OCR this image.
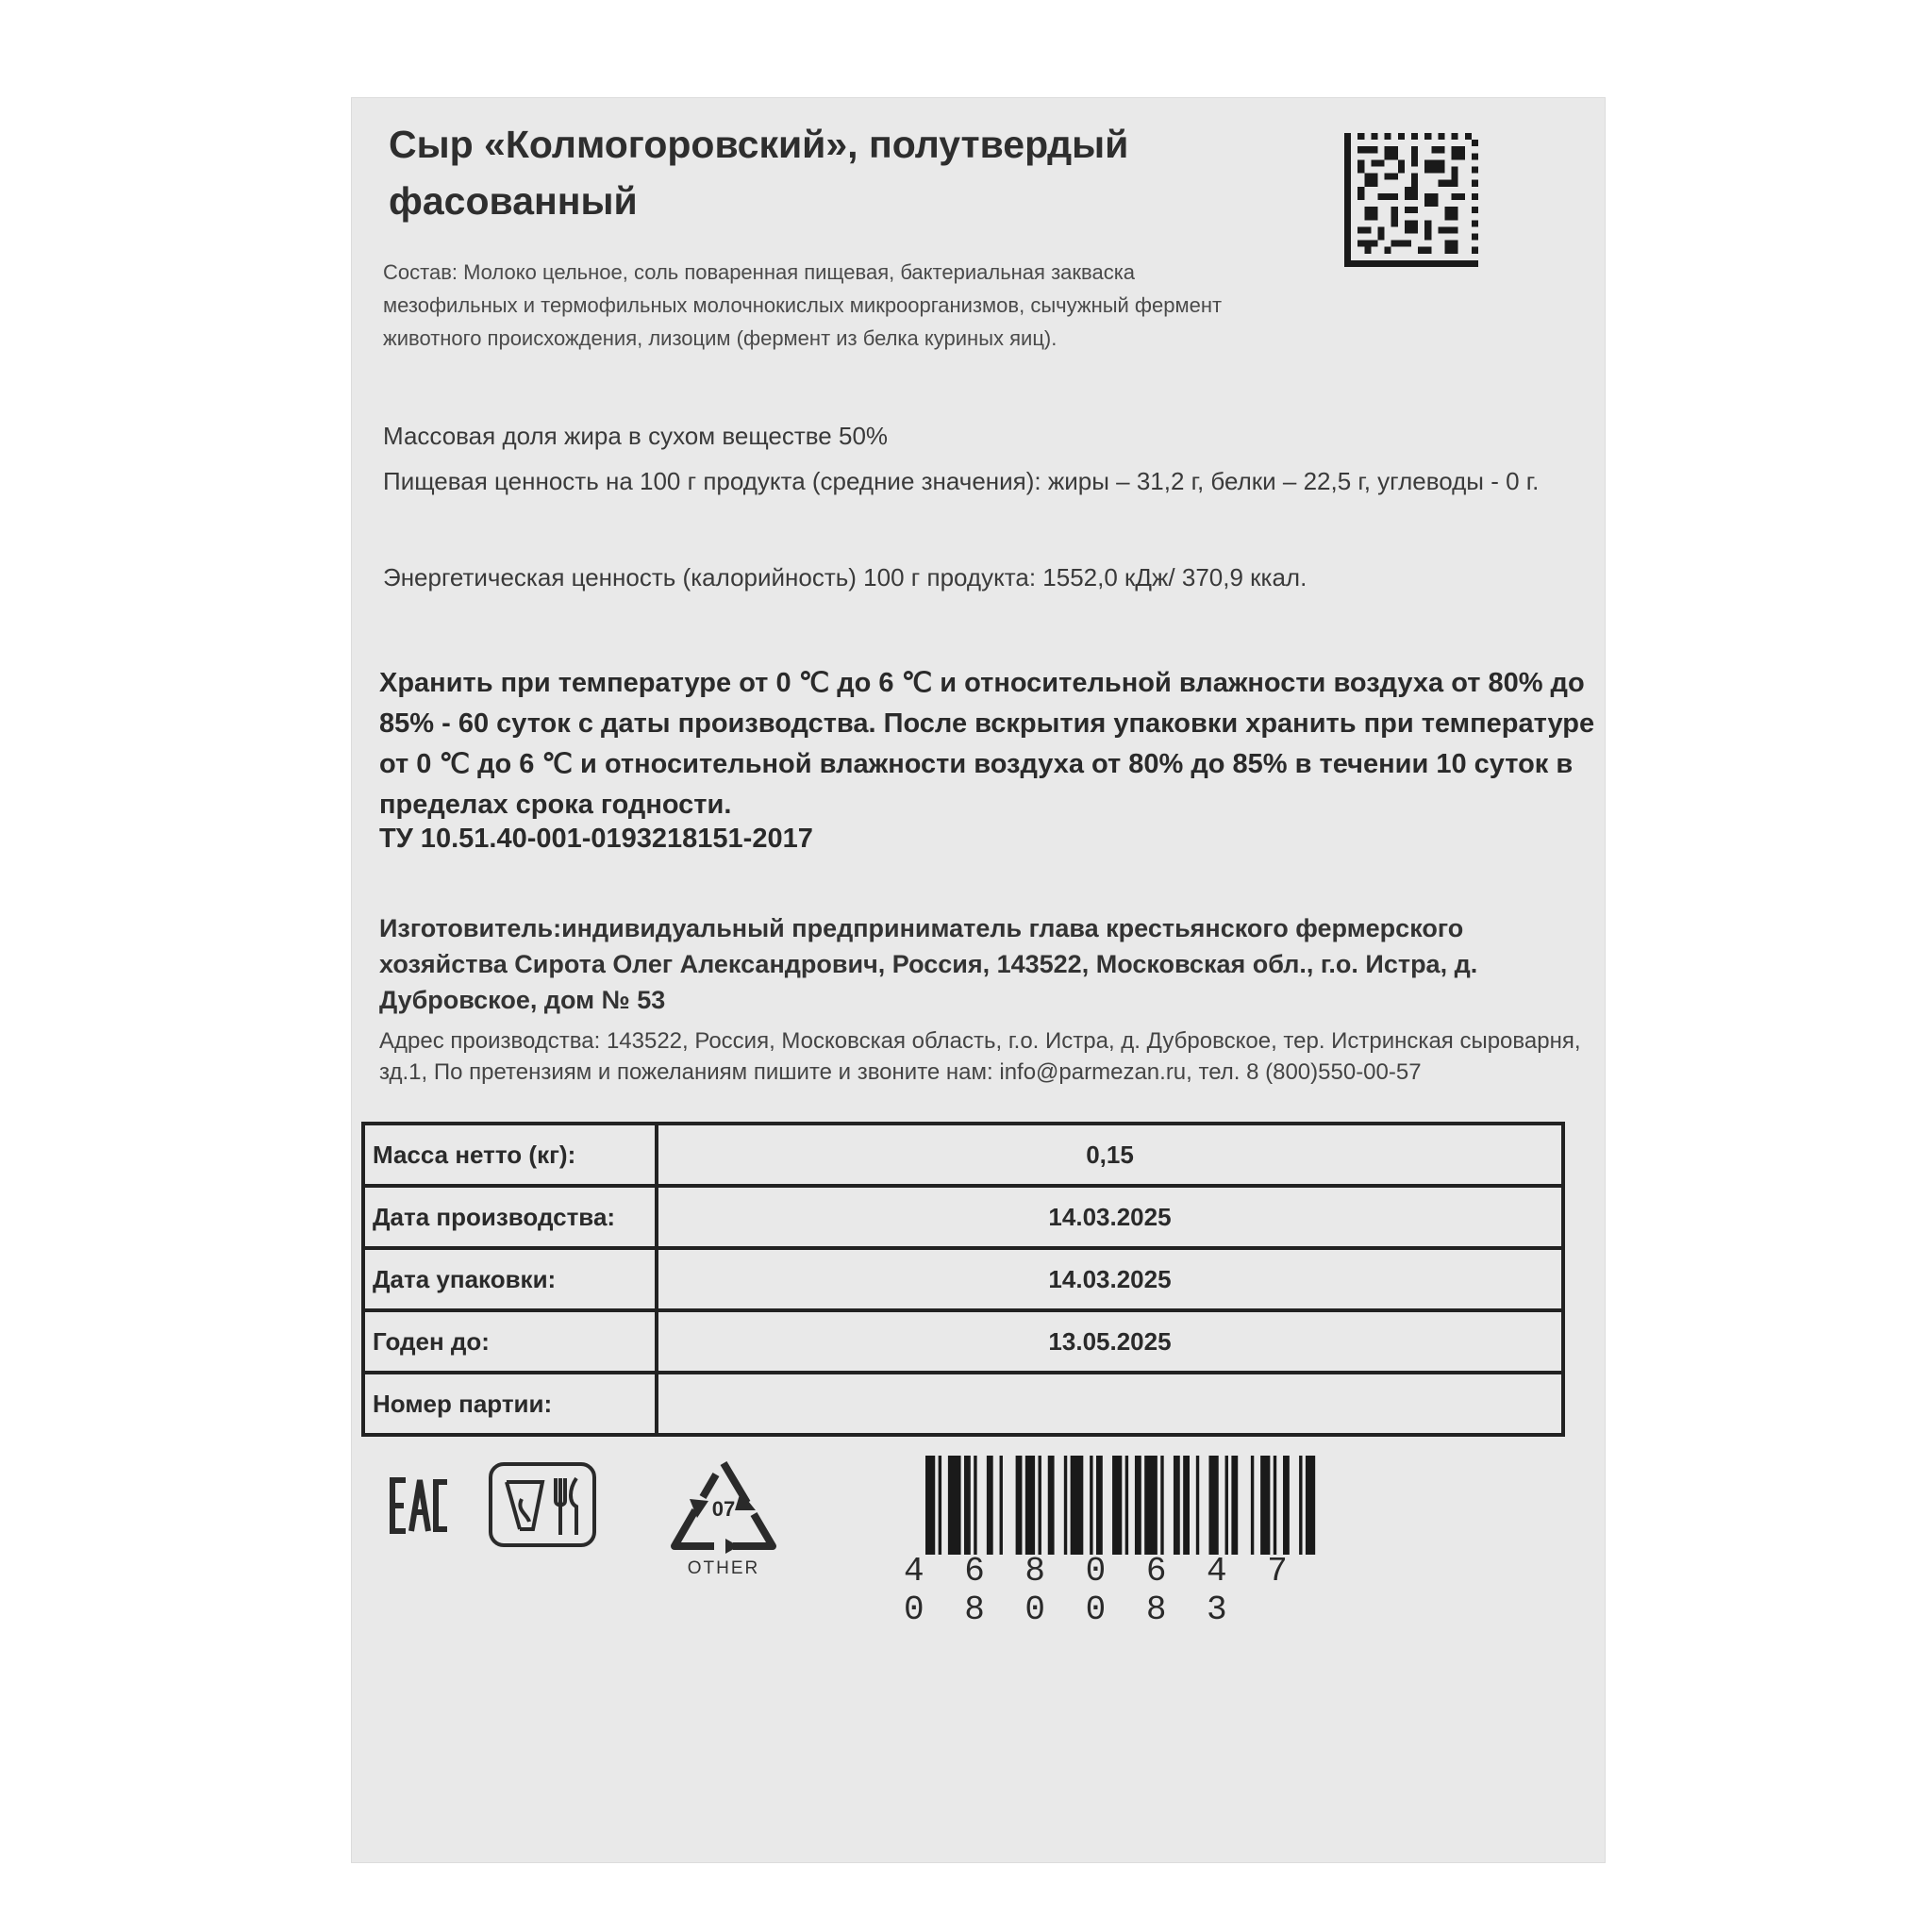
Сыр «Колмогоровский», полутвердый фасованный
Состав: Молоко цельное, соль поваренная пищевая, бактериальная закваска мезофильных и термофильных молочнокислых микроорганизмов, сычужный фермент животного происхождения, лизоцим (фермент из белка куриных яиц).
Массовая доля жира в сухом веществе 50%
Пищевая ценность на 100 г продукта (средние значения): жиры – 31,2 г, белки – 22,5 г, углеводы - 0 г.
Энергетическая ценность (калорийность) 100 г продукта: 1552,0 кДж/ 370,9 ккал.
Хранить при температуре от 0 ℃ до 6 ℃ и относительной влажности воздуха от 80% до 85% - 60 суток с даты производства. После вскрытия упаковки хранить при температуре от 0 ℃ до 6 ℃ и относительной влажности воздуха от 80% до 85% в течении 10 суток в пределах срока годности.
ТУ 10.51.40-001-0193218151-2017
Изготовитель:индивидуальный предприниматель глава крестьянского фермерского хозяйства Сирота Олег Александрович, Россия, 143522, Московская обл., г.о. Истра, д. Дубровское, дом № 53
Адрес производства: 143522, Россия, Московская область, г.о. Истра, д. Дубровское, тер. Истринская сыроварня, зд.1, По претензиям и пожеланиям пишите и звоните нам: info@parmezan.ru, тел. 8 (800)550-00-57
Масса нетто (кг):	0,15
Дата производства:	14.03.2025
Дата упаковки:	14.03.2025
Годен до:	13.05.2025
Номер партии:	
07
OTHER	4 6 8 0 6 4 7 0 8 0 0 8 3
